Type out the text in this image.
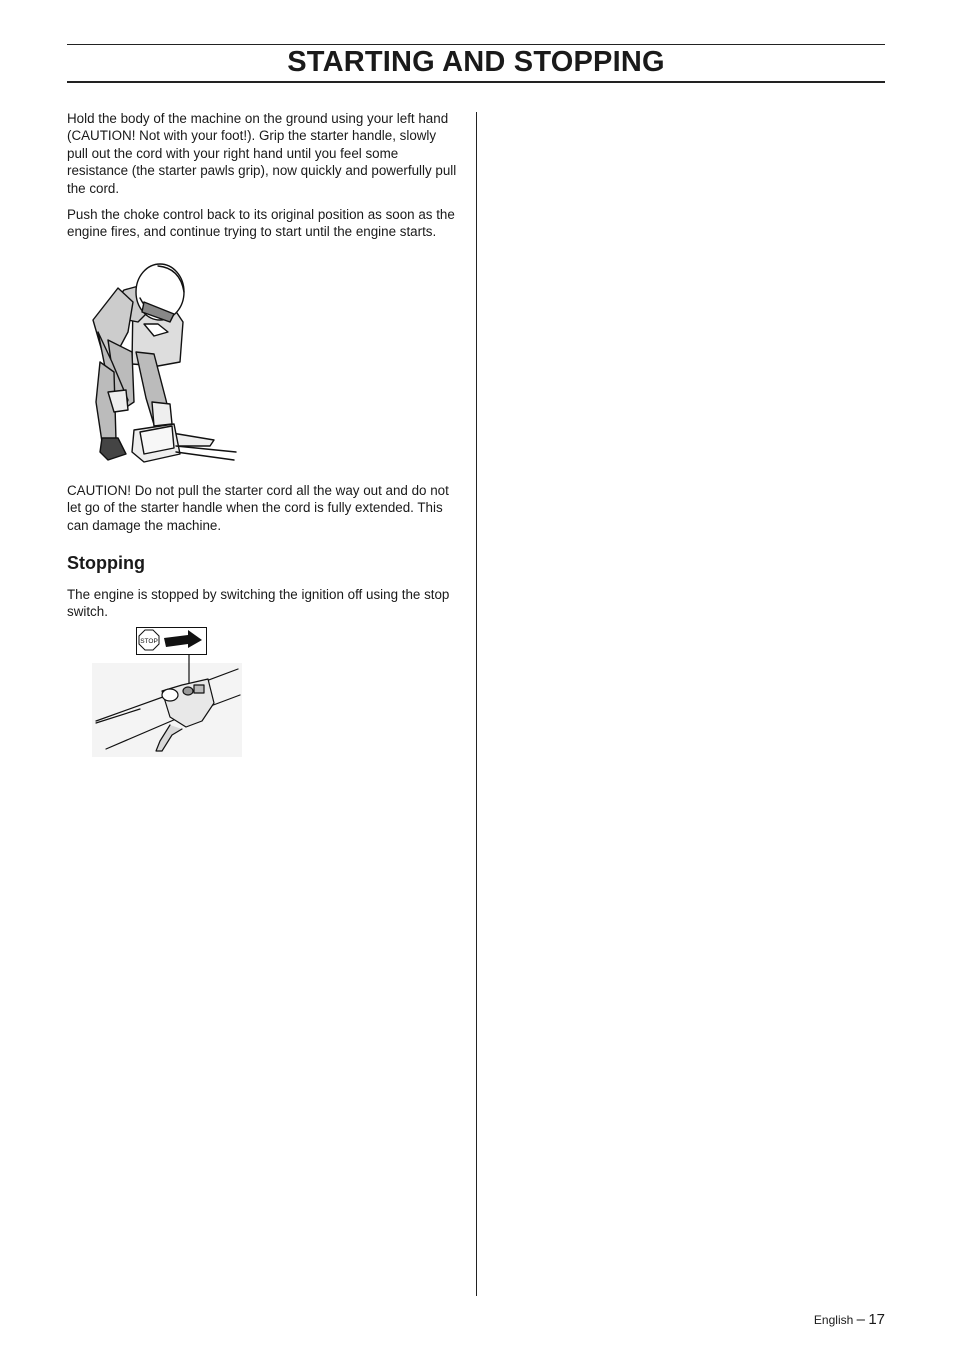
STARTING AND STOPPING

Hold the body of the machine on the ground using your left hand (CAUTION! Not with your foot!). Grip the starter handle, slowly pull out the cord with your right hand until you feel some resistance (the starter pawls grip), now quickly and powerfully pull the cord.

Push the choke control back to its original position as soon as the engine fires, and continue trying to start until the engine starts.

CAUTION! Do not pull the starter cord all the way out and do not let go of the starter handle when the cord is fully extended. This can damage the machine.

Stopping

The engine is stopped by switching the ignition off using the stop switch.

STOP
English – 17
